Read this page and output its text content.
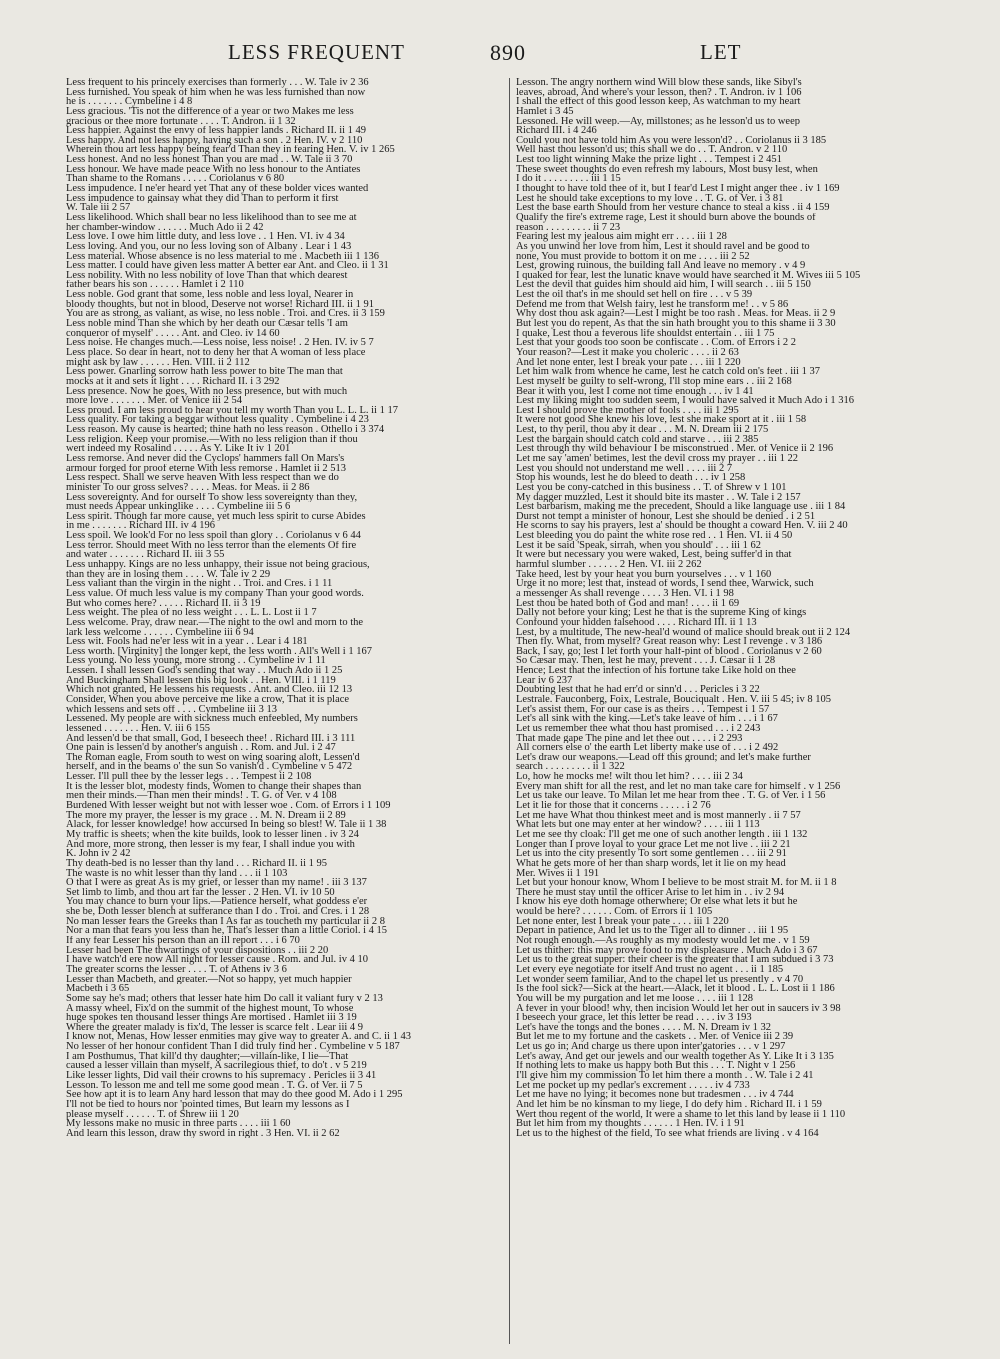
LESS FREQUENT	890	LET
Less frequent to his princely exercises than formerly . . . W. Tale iv 2 36
Less furnished. You speak of him when he was less furnished than now
he is . . . . . . . Cymbeline i 4 8
Less gracious. 'Tis not the difference of a year or two Makes me less
gracious or thee more fortunate . . . . T. Andron. ii 1 32
Less happier. Against the envy of less happier lands . Richard II. ii 1 49
Less happy. And not less happy, having such a son . 2 Hen. IV. v 2 110
Wherein thou art less happy being fear'd Than they in fearing Hen. V. iv 1 265
Less honest. And no less honest Than you are mad . . W. Tale ii 3 70
Less honour. We have made peace With no less honour to the Antiates
Than shame to the Romans . . . . . Coriolanus v 6 80
Less impudence. I ne'er heard yet That any of these bolder vices wanted
Less impudence to gainsay what they did Than to perform it first
W. Tale iii 2 57
Less likelihood. Which shall bear no less likelihood than to see me at
her chamber-window . . . . . . Much Ado ii 2 42
Less love. I owe him little duty, and less love . . 1 Hen. VI. iv 4 34
Less loving. And you, our no less loving son of Albany . Lear i 1 43
Less material. Whose absence is no less material to me . Macbeth iii 1 136
Less matter. I could have given less matter A better ear Ant. and Cleo. ii 1 31
Less nobility. With no less nobility of love Than that which dearest
father bears his son . . . . . . Hamlet i 2 110
Less noble. God grant that some, less noble and less loyal, Nearer in
bloody thoughts, but not in blood, Deserve not worse! Richard III. ii 1 91
You are as strong, as valiant, as wise, no less noble . Troi. and Cres. ii 3 159
Less noble mind Than she which by her death our Cæsar tells 'I am
conqueror of myself' . . . . . Ant. and Cleo. iv 14 60
Less noise. He changes much.—Less noise, less noise! . 2 Hen. IV. iv 5 7
Less place. So dear in heart, not to deny her that A woman of less place
might ask by law . . . . . . Hen. VIII. ii 2 112
Less power. Gnarling sorrow hath less power to bite The man that
mocks at it and sets it light . . . . Richard II. i 3 292
Less presence. Now he goes, With no less presence, but with much
more love . . . . . . . Mer. of Venice iii 2 54
Less proud. I am less proud to hear you tell my worth Than you L. L. L. ii 1 17
Less quality. For taking a beggar without less quality . Cymbeline i 4 23
Less reason. My cause is hearted; thine hath no less reason . Othello i 3 374
Less religion. Keep your promise.—With no less religion than if thou
wert indeed my Rosalind . . . . . As Y. Like It iv 1 201
Less remorse. And never did the Cyclops' hammers fall On Mars's
armour forged for proof eterne With less remorse . Hamlet ii 2 513
Less respect. Shall we serve heaven With less respect than we do
minister To our gross selves? . . . . Meas. for Meas. ii 2 86
Less sovereignty. And for ourself To show less sovereignty than they,
must needs Appear unkinglike . . . . Cymbeline iii 5 6
Less spirit. Though far more cause, yet much less spirit to curse Abides
in me . . . . . . . Richard III. iv 4 196
Less spoil. We look'd For no less spoil than glory . . Coriolanus v 6 44
Less terror. Should meet With no less terror than the elements Of fire
and water . . . . . . . Richard II. iii 3 55
Less unhappy. Kings are no less unhappy, their issue not being gracious,
than they are in losing them . . . . W. Tale iv 2 29
Less valiant than the virgin in the night . . Troi. and Cres. i 1 11
Less value. Of much less value is my company Than your good words.
But who comes here? . . . . . Richard II. ii 3 19
Less weight. The plea of no less weight . . . L. L. Lost ii 1 7
Less welcome. Pray, draw near.—The night to the owl and morn to the
lark less welcome . . . . . . Cymbeline iii 6 94
Less wit. Fools had ne'er less wit in a year . . Lear i 4 181
Less worth. [Virginity] the longer kept, the less worth . All's Well i 1 167
Less young. No less young, more strong . . Cymbeline iv 1 11
Lessen. I shall lessen God's sending that way . . Much Ado ii 1 25
And Buckingham Shall lessen this big look . . Hen. VIII. i 1 119
Which not granted, He lessens his requests . Ant. and Cleo. iii 12 13
Consider, When you above perceive me like a crow, That it is place
which lessens and sets off . . . . Cymbeline iii 3 13
Lessened. My people are with sickness much enfeebled, My numbers
lessened . . . . . . . Hen. V. iii 6 155
And lessen'd be that small, God, I beseech thee! . Richard III. i 3 111
One pain is lessen'd by another's anguish . . Rom. and Jul. i 2 47
The Roman eagle, From south to west on wing soaring aloft, Lessen'd
herself, and in the beams o' the sun So vanish'd . Cymbeline v 5 472
Lesser. I'll pull thee by the lesser legs . . . Tempest ii 2 108
It is the lesser blot, modesty finds, Women to change their shapes than
men their minds.—Than men their minds! . T. G. of Ver. v 4 108
Burdened With lesser weight but not with lesser woe . Com. of Errors i 1 109
The more my prayer, the lesser is my grace . . M. N. Dream ii 2 89
Alack, for lesser knowledge! how accursed In being so blest! W. Tale ii 1 38
My traffic is sheets; when the kite builds, look to lesser linen . iv 3 24
And more, more strong, then lesser is my fear, I shall indue you with
K. John iv 2 42
Thy death-bed is no lesser than thy land . . . Richard II. ii 1 95
The waste is no whit lesser than thy land . . . ii 1 103
O that I were as great As is my grief, or lesser than my name! . iii 3 137
Set limb to limb, and thou art far the lesser . 2 Hen. VI. iv 10 50
You may chance to burn your lips.—Patience herself, what goddess e'er
she be, Doth lesser blench at sufferance than I do . Troi. and Cres. i 1 28
No man lesser fears the Greeks than I As far as toucheth my particular ii 2 8
Nor a man that fears you less than he, That's lesser than a little Coriol. i 4 15
If any fear Lesser his person than an ill report . . . i 6 70
Lesser had been The thwartings of your dispositions . . iii 2 20
I have watch'd ere now All night for lesser cause . Rom. and Jul. iv 4 10
The greater scorns the lesser . . . . T. of Athens iv 3 6
Lesser than Macbeth, and greater.—Not so happy, yet much happier
Macbeth i 3 65
Some say he's mad; others that lesser hate him Do call it valiant fury v 2 13
A massy wheel, Fix'd on the summit of the highest mount, To whose
huge spokes ten thousand lesser things Are mortised . Hamlet iii 3 19
Where the greater malady is fix'd, The lesser is scarce felt . Lear iii 4 9
I know not, Menas, How lesser enmities may give way to greater A. and C. ii 1 43
No lesser of her honour confident Than I did truly find her . Cymbeline v 5 187
I am Posthumus, That kill'd thy daughter;—villain-like, I lie—That
caused a lesser villain than myself, A sacrilegious thief, to do't . v 5 219
Like lesser lights, Did vail their crowns to his supremacy . Pericles ii 3 41
Lesson. To lesson me and tell me some good mean . T. G. of Ver. ii 7 5
See how apt it is to learn Any hard lesson that may do thee good M. Ado i 1 295
I'll not be tied to hours nor 'pointed times, But learn my lessons as I
please myself . . . . . . T. of Shrew iii 1 20
My lessons make no music in three parts . . . . iii 1 60
And learn this lesson, draw thy sword in right . 3 Hen. VI. ii 2 62
Lesson. The angry northern wind Will blow these sands, like Sibyl's
leaves, abroad, And where's your lesson, then? . T. Andron. iv 1 106
I shall the effect of this good lesson keep, As watchman to my heart
Hamlet i 3 45
Lessoned. He will weep.—Ay, millstones; as he lesson'd us to weep
Richard III. i 4 246
Could you not have told him As you were lesson'd? . . Coriolanus ii 3 185
Well hast thou lesson'd us; this shall we do . . T. Andron. v 2 110
Lest too light winning Make the prize light . . . Tempest i 2 451
These sweet thoughts do even refresh my labours, Most busy lest, when
I do it . . . . . . . . . iii 1 15
I thought to have told thee of it, but I fear'd Lest I might anger thee . iv 1 169
Lest he should take exceptions to my love . . T. G. of Ver. i 3 81
Lest the base earth Should from her vesture chance to steal a kiss . ii 4 159
Qualify the fire's extreme rage, Lest it should burn above the bounds of
reason . . . . . . . . . ii 7 23
Fearing lest my jealous aim might err . . . . iii 1 28
As you unwind her love from him, Lest it should ravel and be good to
none, You must provide to bottom it on me . . . . iii 2 52
Lest, growing ruinous, the building fall And leave no memory . v 4 9
I quaked for fear, lest the lunatic knave would have searched it M. Wives iii 5 105
Lest the devil that guides him should aid him, I will search . . iii 5 150
Lest the oil that's in me should set hell on fire . . . v 5 39
Defend me from that Welsh fairy, lest he transform me! . . v 5 86
Why dost thou ask again?—Lest I might be too rash . Meas. for Meas. ii 2 9
But lest you do repent, As that the sin hath brought you to this shame ii 3 30
I quake, Lest thou a feverous life shouldst entertain . . iii 1 75
Lest that your goods too soon be confiscate . . Com. of Errors i 2 2
Your reason?—Lest it make you choleric . . . . ii 2 63
And let none enter, lest I break your pate . . . iii 1 220
Let him walk from whence he came, lest he catch cold on's feet . iii 1 37
Lest myself be guilty to self-wrong, I'll stop mine ears . . iii 2 168
Bear it with you, lest I come not time enough . . . iv 1 41
Lest my liking might too sudden seem, I would have salved it Much Ado i 1 316
Lest I should prove the mother of fools . . . . iii 1 295
It were not good She knew his love, lest she make sport at it . iii 1 58
Lest, to thy peril, thou aby it dear . . . M. N. Dream iii 2 175
Lest the bargain should catch cold and starve . . . iii 2 385
Lest through thy wild behaviour I be misconstrued . Mer. of Venice ii 2 196
Let me say 'amen' betimes, lest the devil cross my prayer . . iii 1 22
Lest you should not understand me well . . . . iii 2 7
Stop his wounds, lest he do bleed to death . . . iv 1 258
Lest you be cony-catched in this business . . T. of Shrew v 1 101
My dagger muzzled, Lest it should bite its master . . W. Tale i 2 157
Lest barbarism, making me the precedent, Should a like language use . iii 1 84
Durst not tempt a minister of honour, Lest she should be denied . i 2 51
He scorns to say his prayers, lest a' should be thought a coward Hen. V. iii 2 40
Lest bleeding you do paint the white rose red . . 1 Hen. VI. ii 4 50
Lest it be said 'Speak, sirrah, when you should' . . . iii 1 62
It were but necessary you were waked, Lest, being suffer'd in that
harmful slumber . . . . . . 2 Hen. VI. iii 2 262
Take heed, lest by your heat you burn yourselves . . . v 1 160
Urge it no more; lest that, instead of words, I send thee, Warwick, such
a messenger As shall revenge . . . . 3 Hen. VI. i 1 98
Lest thou be hated both of God and man! . . . . ii 1 69
Dally not before your king; Lest he that is the supreme King of kings
Confound your hidden falsehood . . . . Richard III. ii 1 13
Lest, by a multitude, The new-heal'd wound of malice should break out ii 2 124
Then fly. What, from myself? Great reason why: Lest I revenge . v 3 186
Back, I say, go; lest I let forth your half-pint of blood . Coriolanus v 2 60
So Cæsar may. Then, lest he may, prevent . . . J. Cæsar ii 1 28
Hence; Lest that the infection of his fortune take Like hold on thee
Lear iv 6 237
Doubting lest that he had err'd or sinn'd . . . Pericles i 3 22
Lestrale. Fauconberg, Foix, Lestrale, Bouciqualt . Hen. V. iii 5 45; iv 8 105
Let's assist them, For our case is as theirs . . . Tempest i 1 57
Let's all sink with the king.—Let's take leave of him . . . i 1 67
Let us remember thee what thou hast promised . . . i 2 243
That made gape The pine and let thee out . . . . i 2 293
All corners else o' the earth Let liberty make use of . . . i 2 492
Let's draw our weapons.—Lead off this ground; and let's make further
search . . . . . . . . . ii 1 322
Lo, how he mocks me! wilt thou let him? . . . . iii 2 34
Every man shift for all the rest, and let no man take care for himself . v 1 256
Let us take our leave. To Milan let me hear from thee . T. G. of Ver. i 1 56
Let it lie for those that it concerns . . . . . i 2 76
Let me have What thou thinkest meet and is most mannerly . ii 7 57
What lets but one may enter at her window? . . . . iii 1 113
Let me see thy cloak: I'll get me one of such another length . iii 1 132
Longer than I prove loyal to your grace Let me not live . . iii 2 21
Let us into the city presently To sort some gentlemen . . . iii 2 91
What he gets more of her than sharp words, let it lie on my head
Mer. Wives ii 1 191
Let but your honour know, Whom I believe to be most strait M. for M. ii 1 8
There he must stay until the officer Arise to let him in . . iv 2 94
I know his eye doth homage otherwhere; Or else what lets it but he
would be here? . . . . . . Com. of Errors ii 1 105
Let none enter, lest I break your pate . . . . iii 1 220
Depart in patience, And let us to the Tiger all to dinner . . iii 1 95
Not rough enough.—As roughly as my modesty would let me . v 1 59
Let us thither: this may prove food to my displeasure . Much Ado i 3 67
Let us to the great supper: their cheer is the greater that I am subdued i 3 73
Let every eye negotiate for itself And trust no agent . . . ii 1 185
Let wonder seem familiar, And to the chapel let us presently . v 4 70
Is the fool sick?—Sick at the heart.—Alack, let it blood . L. L. Lost ii 1 186
You will be my purgation and let me loose . . . . iii 1 128
A fever in your blood! why, then incision Would let her out in saucers iv 3 98
I beseech your grace, let this letter be read . . . . iv 3 193
Let's have the tongs and the bones . . . . M. N. Dream iv 1 32
But let me to my fortune and the caskets . . Mer. of Venice iii 2 39
Let us go in; And charge us there upon inter'gatories . . . v 1 297
Let's away, And get our jewels and our wealth together As Y. Like It i 3 135
If nothing lets to make us happy both But this . . . T. Night v 1 256
I'll give him my commission To let him there a month . . W. Tale i 2 41
Let me pocket up my pedlar's excrement . . . . . iv 4 733
Let me have no lying; it becomes none but tradesmen . . . iv 4 744
And let him be no kinsman to my liege, I do defy him . Richard II. i 1 59
Wert thou regent of the world, It were a shame to let this land by lease ii 1 110
But let him from my thoughts . . . . . . 1 Hen. IV. i 1 91
Let us to the highest of the field, To see what friends are living . v 4 164
